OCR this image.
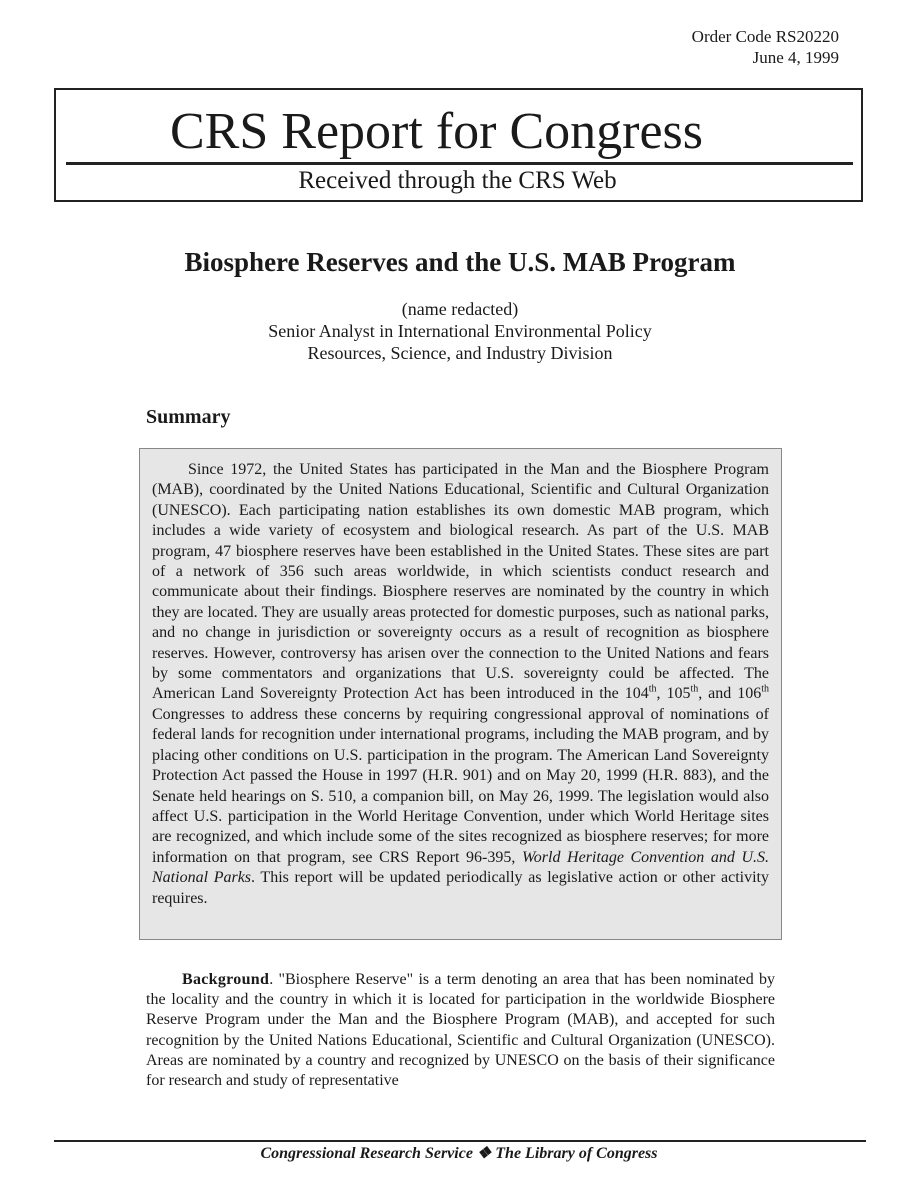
Order Code RS20220
June 4, 1999
CRS Report for Congress
Received through the CRS Web
Biosphere Reserves and the U.S. MAB Program
(name redacted)
Senior Analyst in International Environmental Policy
Resources, Science, and Industry Division
Summary

Since 1972, the United States has participated in the Man and the Biosphere Program (MAB), coordinated by the United Nations Educational, Scientific and Cultural Organization (UNESCO). Each participating nation establishes its own domestic MAB program, which includes a wide variety of ecosystem and biological research. As part of the U.S. MAB program, 47 biosphere reserves have been established in the United States. These sites are part of a network of 356 such areas worldwide, in which scientists conduct research and communicate about their findings. Biosphere reserves are nominated by the country in which they are located. They are usually areas protected for domestic purposes, such as national parks, and no change in jurisdiction or sovereignty occurs as a result of recognition as biosphere reserves. However, controversy has arisen over the connection to the United Nations and fears by some commentators and organizations that U.S. sovereignty could be affected. The American Land Sovereignty Protection Act has been introduced in the 104th, 105th, and 106th Congresses to address these concerns by requiring congressional approval of nominations of federal lands for recognition under international programs, including the MAB program, and by placing other conditions on U.S. participation in the program. The American Land Sovereignty Protection Act passed the House in 1997 (H.R. 901) and on May 20, 1999 (H.R. 883), and the Senate held hearings on S. 510, a companion bill, on May 26, 1999. The legislation would also affect U.S. participation in the World Heritage Convention, under which World Heritage sites are recognized, and which include some of the sites recognized as biosphere reserves; for more information on that program, see CRS Report 96-395, World Heritage Convention and U.S. National Parks. This report will be updated periodically as legislative action or other activity requires.

Background. "Biosphere Reserve" is a term denoting an area that has been nominated by the locality and the country in which it is located for participation in the worldwide Biosphere Reserve Program under the Man and the Biosphere Program (MAB), and accepted for such recognition by the United Nations Educational, Scientific and Cultural Organization (UNESCO). Areas are nominated by a country and recognized by UNESCO on the basis of their significance for research and study of representative

Congressional Research Service ❖ The Library of Congress
